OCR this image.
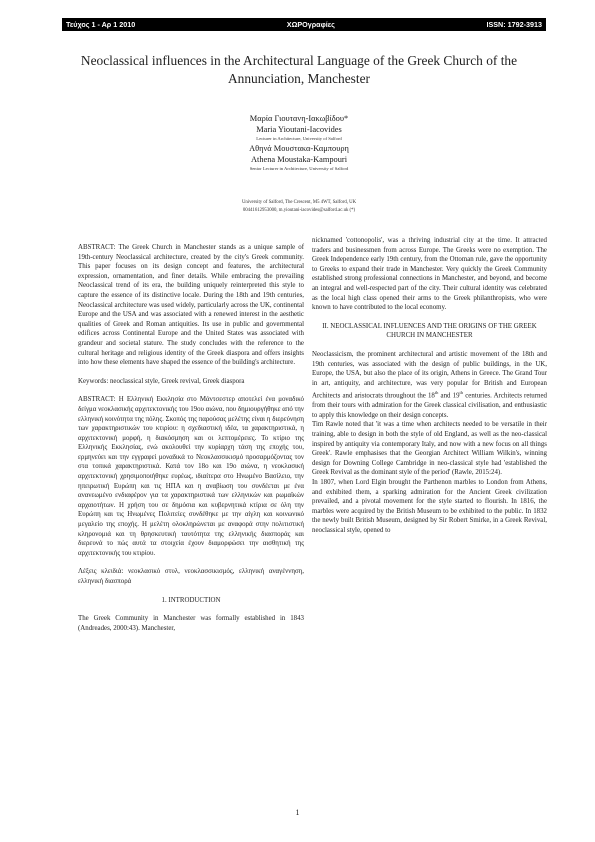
Τεύχος 1 - Αρ 1 2010	ΧΩΡΟγραφίες	ISSN: 1792-3913
Neoclassical influences in the Architectural Language of the Greek Church of the Annunciation, Manchester
Μαρία Γιουτανη-Ιακωβίδου*
Maria Yioutani-Iacovides
Lecturer in Architecture, University of Salford
Αθηνά Μουστακα-Καμπουρη
Athena Moustaka-Kampouri
Senior Lecturer in Architecture, University of Salford
University of Salford, The Crescent, M5 4WT, Salford, UK
00441612953000, m.yioutani-iacovides@salford.ac.uk (*)

ABSTRACT: The Greek Church in Manchester stands as a unique sample of 19th-century Neoclassical architecture, created by the city's Greek community. This paper focuses on its design concept and features, the architectural expression, ornamentation, and finer details. While embracing the prevailing Neoclassical trend of its era, the building uniquely reinterpreted this style to capture the essence of its distinctive locale. During the 18th and 19th centuries, Neoclassical architecture was used widely, particularly across the UK, continental Europe and the USA and was associated with a renewed interest in the aesthetic qualities of Greek and Roman antiquities. Its use in public and governmental edifices across Continental Europe and the United States was associated with grandeur and societal stature. The study concludes with the reference to the cultural heritage and religious identity of the Greek diaspora and offers insights into how these elements have shaped the essence of the building's architecture.

Keywords: neoclassical style, Greek revival, Greek diaspora

ABSTRACT: Η Ελληνική Εκκλησία στο Μάντσεστερ αποτελεί ένα μοναδικό δείγμα νεοκλασικής αρχιτεκτονικής του 19ου αιώνα, που δημιουργήθηκε από την ελληνική κοινότητα της πόλης. Σκοπός της παρούσας μελέτης είναι η διερεύνηση των χαρακτηριστικών του κτιρίου: η σχεδιαστική ιδέα, τα χαρακτηριστικά, η αρχιτεκτονική μορφή, η διακόσμηση και οι λεπτομέρειες. Το κτίριο της Ελληνικής Εκκλησίας, ενώ ακολουθεί την κυρίαρχη τάση της εποχής του, ερμηνεύει και την εγγραφεί μοναδικά το Νεοκλασσικισμό προσαρμόζοντας τον στα τοπικά χαρακτηριστικά. Κατά τον 18ο και 19ο αιώνα, η νεοκλασική αρχιτεκτονική χρησιμοποιήθηκε ευρέως, ιδιαίτερα στο Ηνωμένο Βασίλειο, την ηπειρωτική Ευρώπη και τις ΗΠΑ και η αναβίωση του συνδέεται με ένα ανανεωμένο ενδιαφέρον για τα χαρακτηριστικά των ελληνικών και ρωμαϊκών αρχαιοτήτων. Η χρήση του σε δημόσια και κυβερνητικά κτίρια σε όλη την Ευρώπη και τις Ηνωμένες Πολιτείες συνδέθηκε με την αίγλη και κοινωνικό μεγαλείο της εποχής. Η μελέτη ολοκληρώνεται με αναφορά στην πολιτιστική κληρονομιά και τη θρησκευτική ταυτότητα της ελληνικής διασποράς και διερευνά το πώς αυτά τα στοιχεία έχουν διαμορφώσει την αισθητική της αρχιτεκτονικής του κτιρίου.

Λέξεις κλειδιά: νεοκλασικό στυλ, νεοκλασσικισμός, ελληνική αναγέννηση, ελληνική διασπορά

1. INTRODUCTION

The Greek Community in Manchester was formally established in 1843 (Andreades, 2000:43). Manchester,

nicknamed 'cottonopolis', was a thriving industrial city at the time. It attracted traders and businessmen from across Europe. The Greeks were no exemption. The Greek Independence early 19th century, from the Ottoman rule, gave the opportunity to Greeks to expand their trade in Manchester. Very quickly the Greek Community established strong professional connections in Manchester, and beyond, and become an integral and well-respected part of the city. Their cultural identity was celebrated as the local high class opened their arms to the Greek philanthropists, who were known to have contributed to the local economy.

II. NEOCLASSICAL INFLUENCES AND THE ORIGINS OF THE GREEK CHURCH IN MANCHESTER

Neoclassicism, the prominent architectural and artistic movement of the 18th and 19th centuries, was associated with the design of public buildings, in the UK, Europe, the USA, but also the place of its origin, Athens in Greece. The Grand Tour in art, antiquity, and architecture, was very popular for British and European Architects and aristocrats throughout the 18th and 19th centuries. Architects returned from their tours with admiration for the Greek classical civilisation, and enthusiastic to apply this knowledge on their design concepts.

Tim Rawle noted that 'it was a time when architects needed to be versatile in their training, able to design in both the style of old England, as well as the neo-classical inspired by antiquity via contemporary Italy, and now with a new focus on all things Greek'. Rawle emphasises that the Georgian Architect William Wilkin's, winning design for Downing College Cambridge in neo-classical style had 'established the Greek Revival as the dominant style of the period' (Rawle, 2015:24).

In 1807, when Lord Elgin brought the Parthenon marbles to London from Athens, and exhibited them, a sparking admiration for the Ancient Greek civilization prevailed, and a pivotal movement for the style started to flourish. In 1816, the marbles were acquired by the British Museum to be exhibited to the public. In 1832 the newly built British Museum, designed by Sir Robert Smirke, in a Greek Revival, neoclassical style, opened to

1
